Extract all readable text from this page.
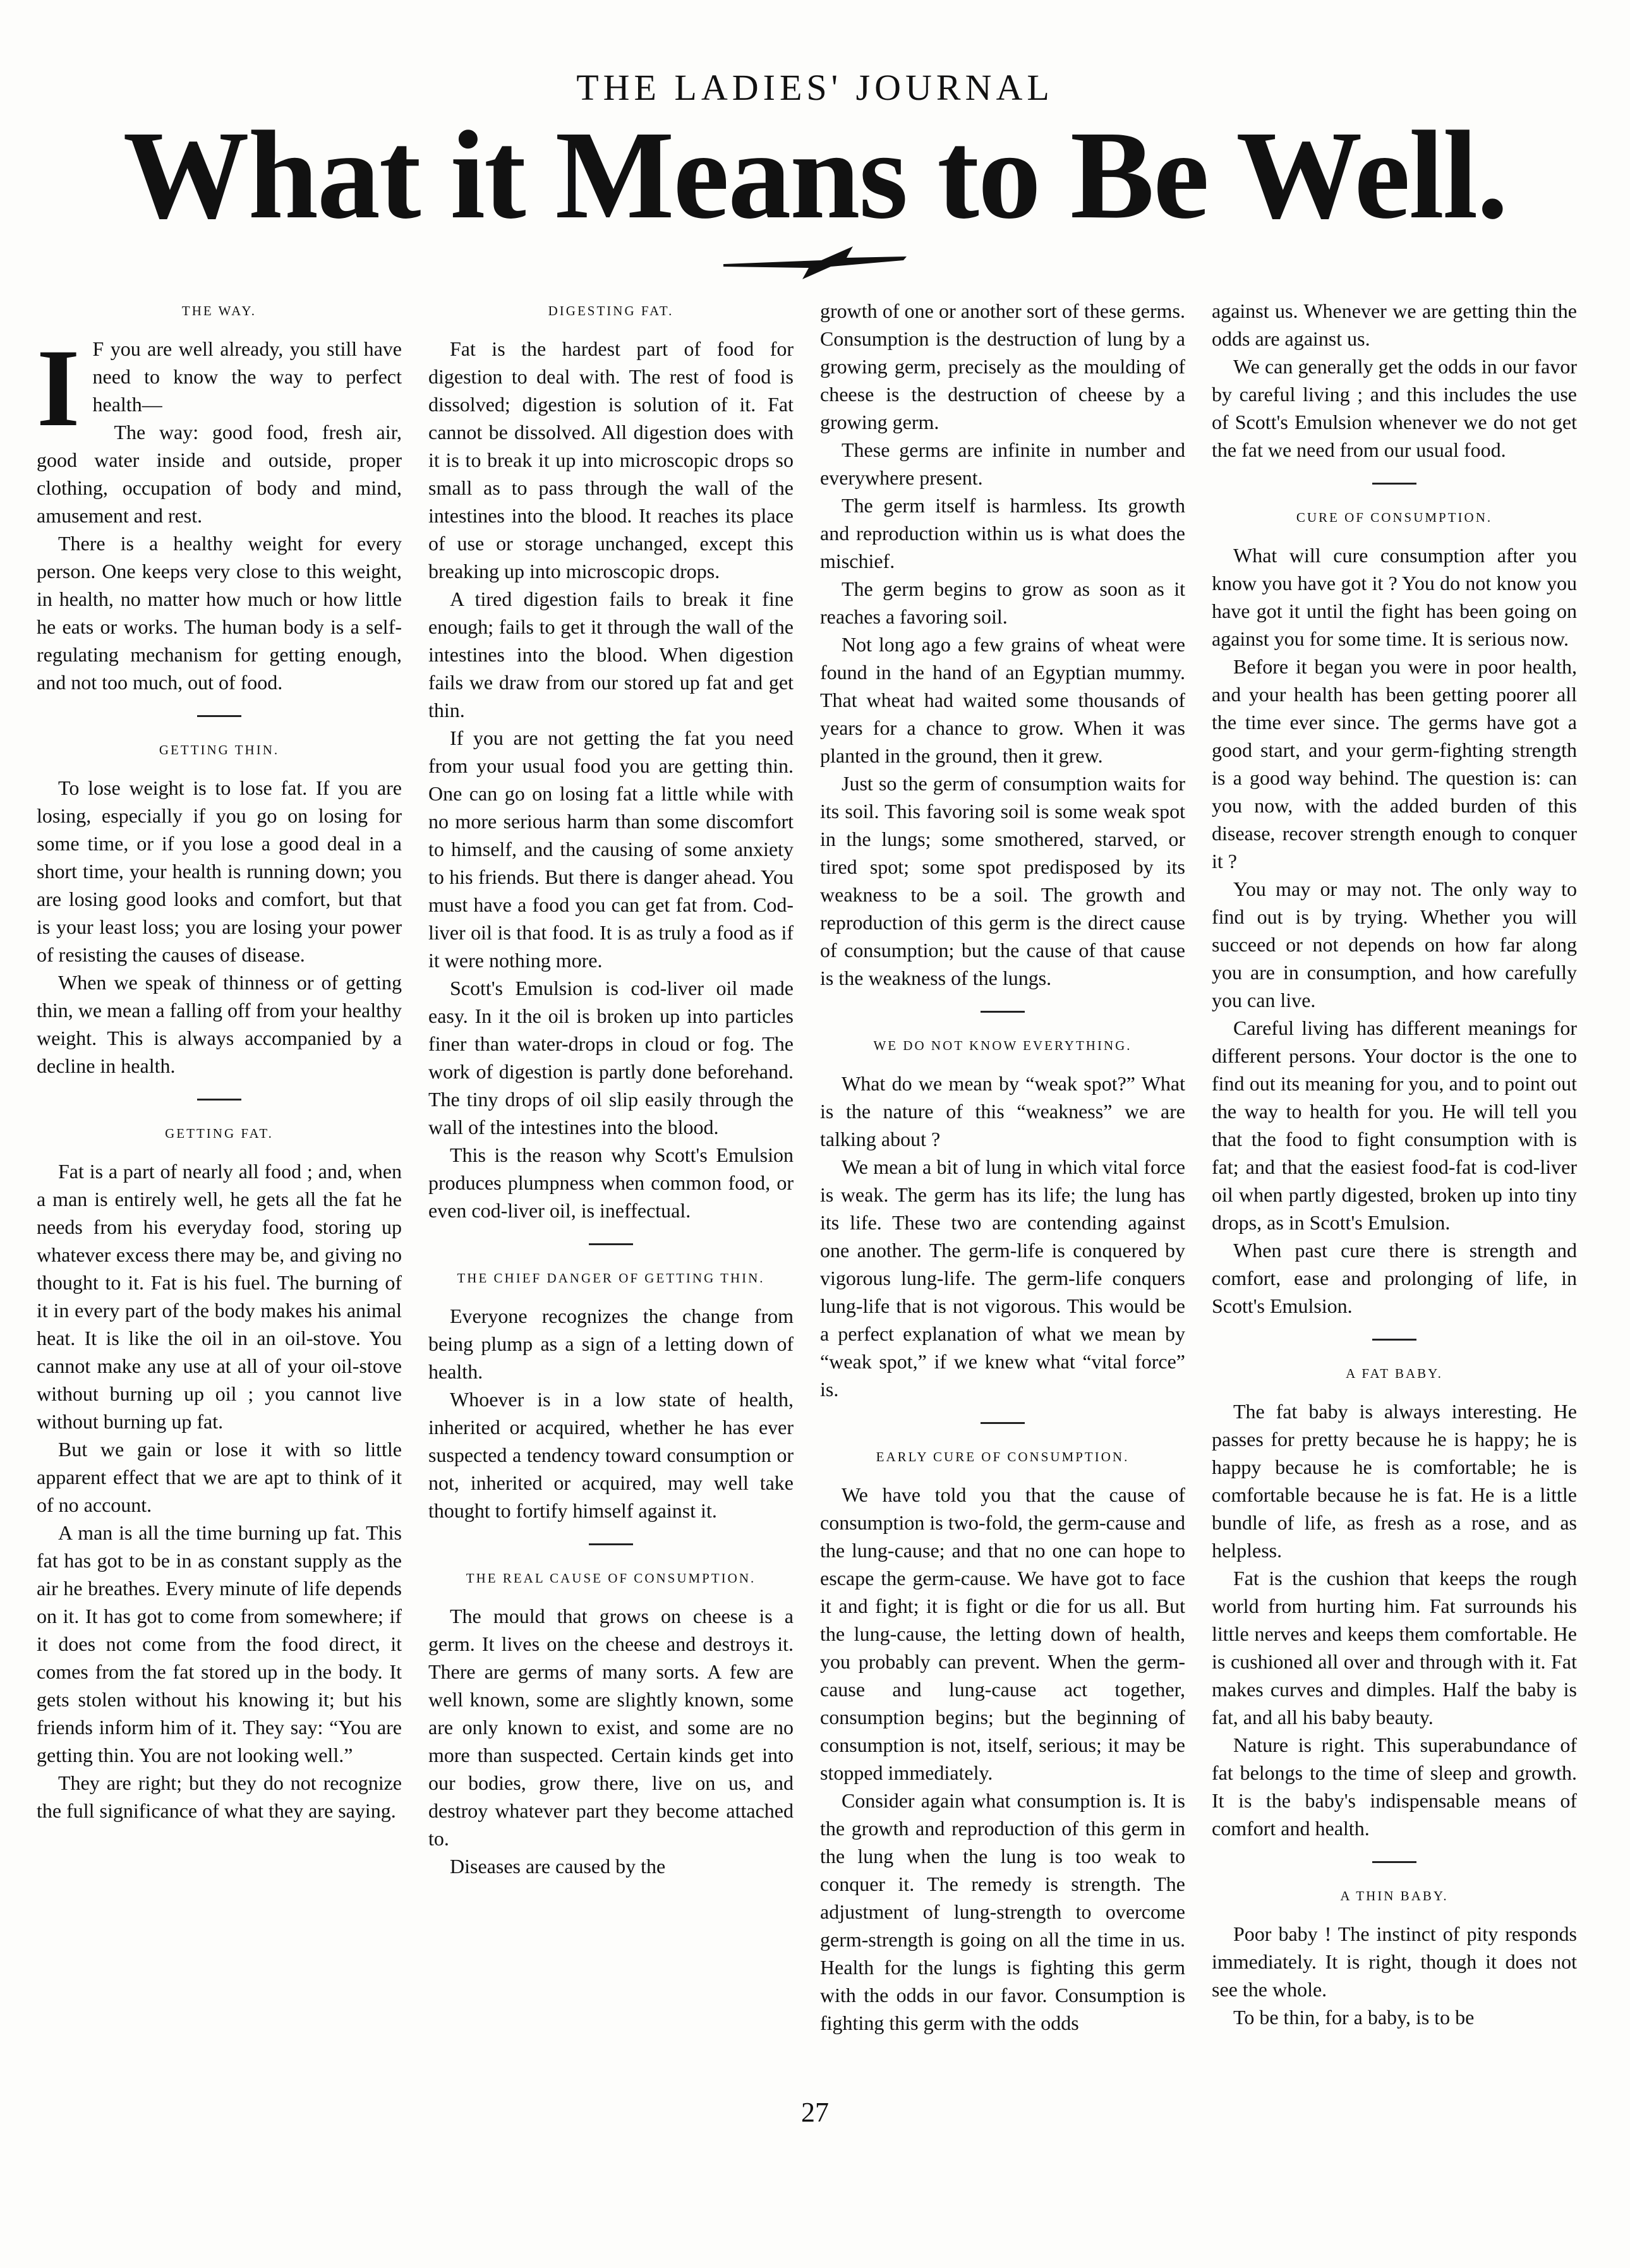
THE LADIES' JOURNAL
What it Means to Be Well.
THE WAY.
I F you are well already, you still have need to know the way to perfect health—

The way: good food, fresh air, good water inside and outside, proper clothing, occupation of body and mind, amusement and rest.

There is a healthy weight for every person. One keeps very close to this weight, in health, no matter how much or how little he eats or works. The human body is a self-regulating mechanism for getting enough, and not too much, out of food.

GETTING THIN.

To lose weight is to lose fat. If you are losing, especially if you go on losing for some time, or if you lose a good deal in a short time, your health is running down; you are losing good looks and comfort, but that is your least loss; you are losing your power of resisting the causes of disease.

When we speak of thinness or of getting thin, we mean a falling off from your healthy weight. This is always accompanied by a decline in health.

GETTING FAT.

Fat is a part of nearly all food ; and, when a man is entirely well, he gets all the fat he needs from his everyday food, storing up whatever excess there may be, and giving no thought to it. Fat is his fuel. The burning of it in every part of the body makes his animal heat. It is like the oil in an oil-stove. You cannot make any use at all of your oil-stove without burning up oil ; you cannot live without burning up fat.

But we gain or lose it with so little apparent effect that we are apt to think of it of no account.

A man is all the time burning up fat. This fat has got to be in as constant supply as the air he breathes. Every minute of life depends on it. It has got to come from somewhere; if it does not come from the food direct, it comes from the fat stored up in the body. It gets stolen without his knowing it; but his friends inform him of it. They say: “You are getting thin. You are not looking well.”

They are right; but they do not recognize the full significance of what they are saying.

DIGESTING FAT.

Fat is the hardest part of food for digestion to deal with. The rest of food is dissolved; digestion is solution of it. Fat cannot be dissolved. All digestion does with it is to break it up into microscopic drops so small as to pass through the wall of the intestines into the blood. It reaches its place of use or storage unchanged, except this breaking up into microscopic drops.

A tired digestion fails to break it fine enough; fails to get it through the wall of the intestines into the blood. When digestion fails we draw from our stored up fat and get thin.

If you are not getting the fat you need from your usual food you are getting thin. One can go on losing fat a little while with no more serious harm than some discomfort to himself, and the causing of some anxiety to his friends. But there is danger ahead. You must have a food you can get fat from. Cod-liver oil is that food. It is as truly a food as if it were nothing more.

Scott's Emulsion is cod-liver oil made easy. In it the oil is broken up into particles finer than water-drops in cloud or fog. The work of digestion is partly done beforehand. The tiny drops of oil slip easily through the wall of the intestines into the blood.

This is the reason why Scott's Emulsion produces plumpness when common food, or even cod-liver oil, is ineffectual.

THE CHIEF DANGER OF GETTING THIN.

Everyone recognizes the change from being plump as a sign of a letting down of health.

Whoever is in a low state of health, inherited or acquired, whether he has ever suspected a tendency toward consumption or not, inherited or acquired, may well take thought to fortify himself against it.

THE REAL CAUSE OF CONSUMPTION.

The mould that grows on cheese is a germ. It lives on the cheese and destroys it. There are germs of many sorts. A few are well known, some are slightly known, some are only known to exist, and some are no more than suspected. Certain kinds get into our bodies, grow there, live on us, and destroy whatever part they become attached to.

Diseases are caused by the

growth of one or another sort of these germs. Consumption is the destruction of lung by a growing germ, precisely as the moulding of cheese is the destruction of cheese by a growing germ.

These germs are infinite in number and everywhere present.

The germ itself is harmless. Its growth and reproduction within us is what does the mischief.

The germ begins to grow as soon as it reaches a favoring soil.

Not long ago a few grains of wheat were found in the hand of an Egyptian mummy. That wheat had waited some thousands of years for a chance to grow. When it was planted in the ground, then it grew.

Just so the germ of consumption waits for its soil. This favoring soil is some weak spot in the lungs; some smothered, starved, or tired spot; some spot predisposed by its weakness to be a soil. The growth and reproduction of this germ is the direct cause of consumption; but the cause of that cause is the weakness of the lungs.

WE DO NOT KNOW EVERYTHING.

What do we mean by “weak spot?” What is the nature of this “weakness” we are talking about ?

We mean a bit of lung in which vital force is weak. The germ has its life; the lung has its life. These two are contending against one another. The germ-life is conquered by vigorous lung-life. The germ-life conquers lung-life that is not vigorous. This would be a perfect explanation of what we mean by “weak spot,” if we knew what “vital force” is.

EARLY CURE OF CONSUMPTION.

We have told you that the cause of consumption is two-fold, the germ-cause and the lung-cause; and that no one can hope to escape the germ-cause. We have got to face it and fight; it is fight or die for us all. But the lung-cause, the letting down of health, you probably can prevent. When the germ-cause and lung-cause act together, consumption begins; but the beginning of consumption is not, itself, serious; it may be stopped immediately.

Consider again what consumption is. It is the growth and reproduction of this germ in the lung when the lung is too weak to conquer it. The remedy is strength. The adjustment of lung-strength to overcome germ-strength is going on all the time in us. Health for the lungs is fighting this germ with the odds in our favor. Consumption is fighting this germ with the odds

against us. Whenever we are getting thin the odds are against us.

We can generally get the odds in our favor by careful living ; and this includes the use of Scott's Emulsion whenever we do not get the fat we need from our usual food.

CURE OF CONSUMPTION.

What will cure consumption after you know you have got it ? You do not know you have got it until the fight has been going on against you for some time. It is serious now.

Before it began you were in poor health, and your health has been getting poorer all the time ever since. The germs have got a good start, and your germ-fighting strength is a good way behind. The question is: can you now, with the added burden of this disease, recover strength enough to conquer it ?

You may or may not. The only way to find out is by trying. Whether you will succeed or not depends on how far along you are in consumption, and how carefully you can live.

Careful living has different meanings for different persons. Your doctor is the one to find out its meaning for you, and to point out the way to health for you. He will tell you that the food to fight consumption with is fat; and that the easiest food-fat is cod-liver oil when partly digested, broken up into tiny drops, as in Scott's Emulsion.

When past cure there is strength and comfort, ease and prolonging of life, in Scott's Emulsion.

A FAT BABY.

The fat baby is always interesting. He passes for pretty because he is happy; he is happy because he is comfortable; he is comfortable because he is fat. He is a little bundle of life, as fresh as a rose, and as helpless.

Fat is the cushion that keeps the rough world from hurting him. Fat surrounds his little nerves and keeps them comfortable. He is cushioned all over and through with it. Fat makes curves and dimples. Half the baby is fat, and all his baby beauty.

Nature is right. This superabundance of fat belongs to the time of sleep and growth. It is the baby's indispensable means of comfort and health.

A THIN BABY.

Poor baby ! The instinct of pity responds immediately. It is right, though it does not see the whole.

To be thin, for a baby, is to be

27
